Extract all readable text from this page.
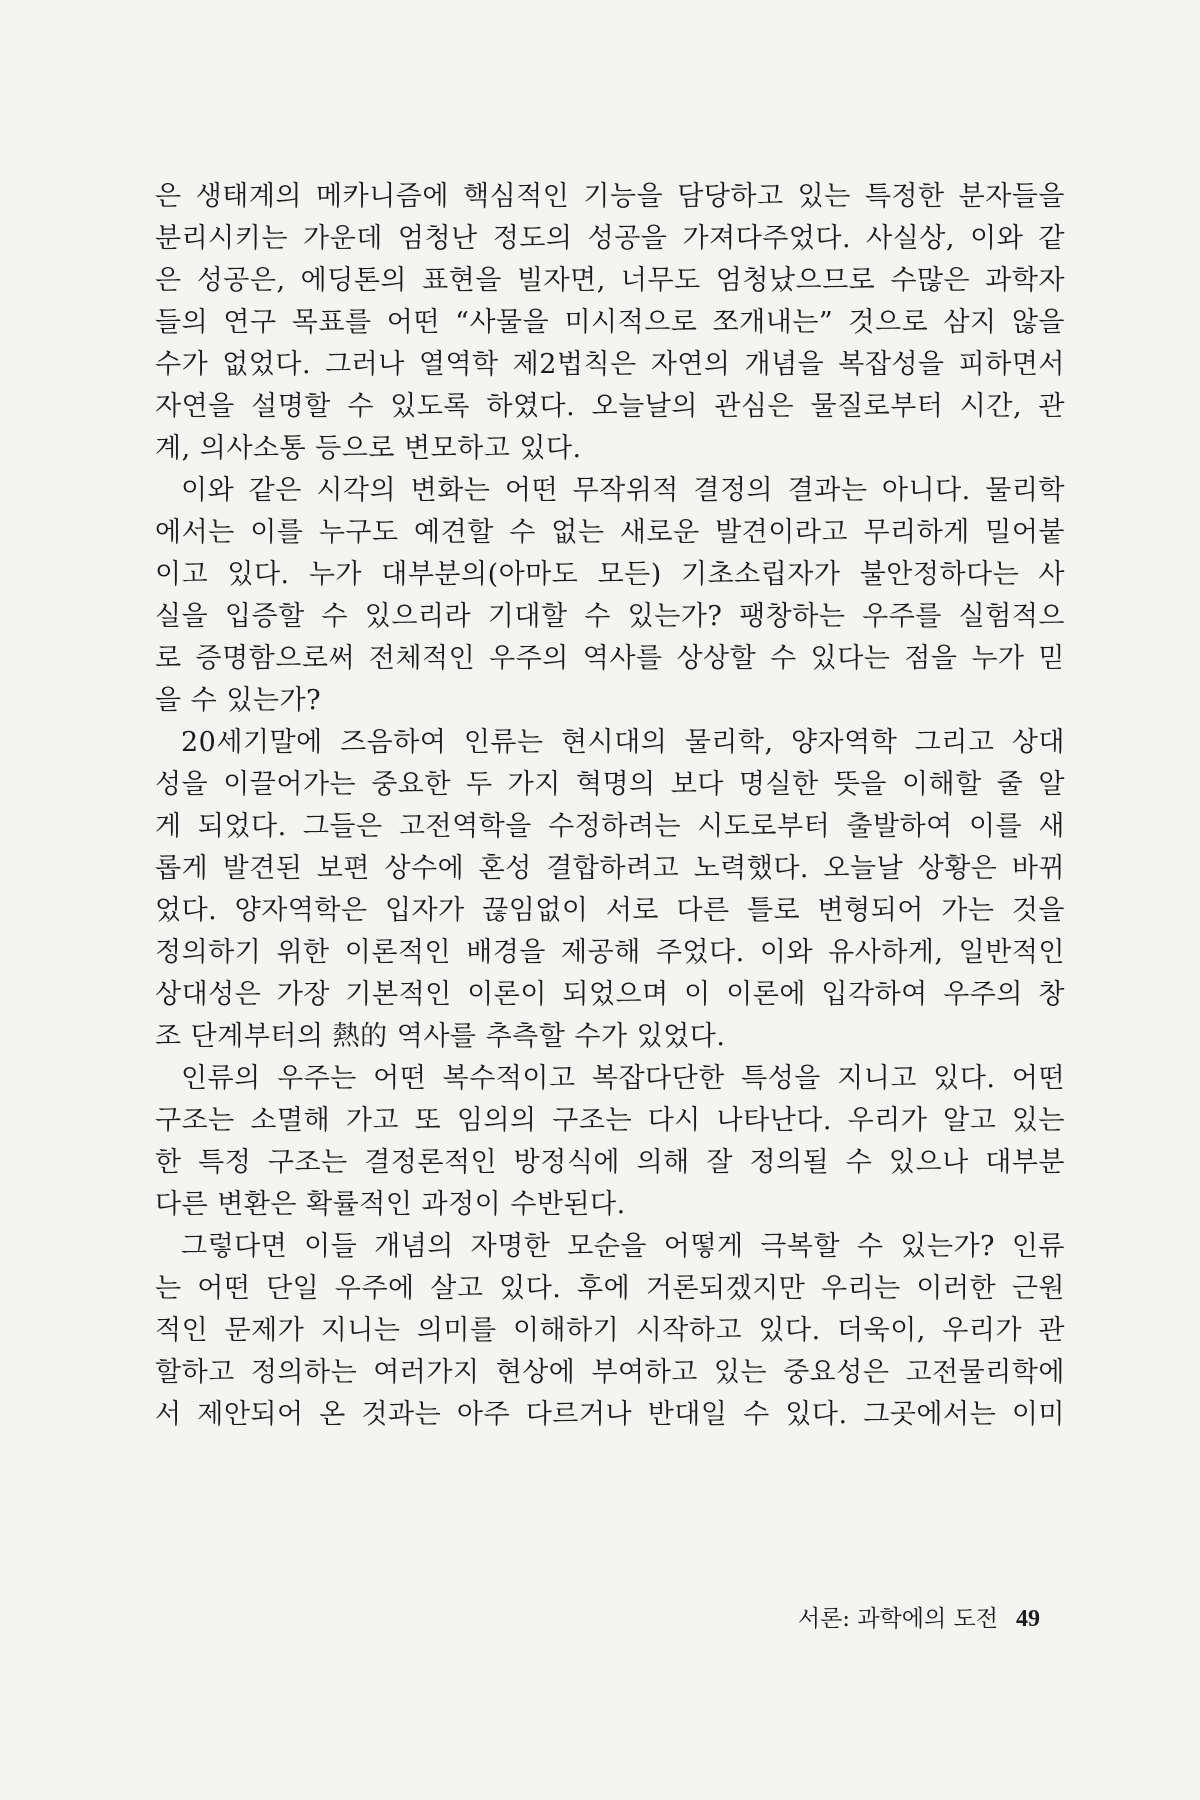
은 생태계의 메카니즘에 핵심적인 기능을 담당하고 있는 특정한 분자들을
분리시키는 가운데 엄청난 정도의 성공을 가져다주었다. 사실상, 이와 같
은 성공은, 에딩톤의 표현을 빌자면, 너무도 엄청났으므로 수많은 과학자
들의 연구 목표를 어떤 “사물을 미시적으로 쪼개내는” 것으로 삼지 않을
수가 없었다. 그러나 열역학 제2법칙은 자연의 개념을 복잡성을 피하면서
자연을 설명할 수 있도록 하였다. 오늘날의 관심은 물질로부터 시간, 관
계, 의사소통 등으로 변모하고 있다.
이와 같은 시각의 변화는 어떤 무작위적 결정의 결과는 아니다. 물리학
에서는 이를 누구도 예견할 수 없는 새로운 발견이라고 무리하게 밀어붙
이고 있다. 누가 대부분의(아마도 모든) 기초소립자가 불안정하다는 사
실을 입증할 수 있으리라 기대할 수 있는가? 팽창하는 우주를 실험적으
로 증명함으로써 전체적인 우주의 역사를 상상할 수 있다는 점을 누가 믿
을 수 있는가?
20세기말에 즈음하여 인류는 현시대의 물리학, 양자역학 그리고 상대
성을 이끌어가는 중요한 두 가지 혁명의 보다 명실한 뜻을 이해할 줄 알
게 되었다. 그들은 고전역학을 수정하려는 시도로부터 출발하여 이를 새
롭게 발견된 보편 상수에 혼성 결합하려고 노력했다. 오늘날 상황은 바뀌
었다. 양자역학은 입자가 끊임없이 서로 다른 틀로 변형되어 가는 것을
정의하기 위한 이론적인 배경을 제공해 주었다. 이와 유사하게, 일반적인
상대성은 가장 기본적인 이론이 되었으며 이 이론에 입각하여 우주의 창
조 단계부터의 熱的 역사를 추측할 수가 있었다.
인류의 우주는 어떤 복수적이고 복잡다단한 특성을 지니고 있다. 어떤
구조는 소멸해 가고 또 임의의 구조는 다시 나타난다. 우리가 알고 있는
한 특정 구조는 결정론적인 방정식에 의해 잘 정의될 수 있으나 대부분
다른 변환은 확률적인 과정이 수반된다.
그렇다면 이들 개념의 자명한 모순을 어떻게 극복할 수 있는가? 인류
는 어떤 단일 우주에 살고 있다. 후에 거론되겠지만 우리는 이러한 근원
적인 문제가 지니는 의미를 이해하기 시작하고 있다. 더욱이, 우리가 관
할하고 정의하는 여러가지 현상에 부여하고 있는 중요성은 고전물리학에
서 제안되어 온 것과는 아주 다르거나 반대일 수 있다. 그곳에서는 이미
서론: 과학에의 도전 49
